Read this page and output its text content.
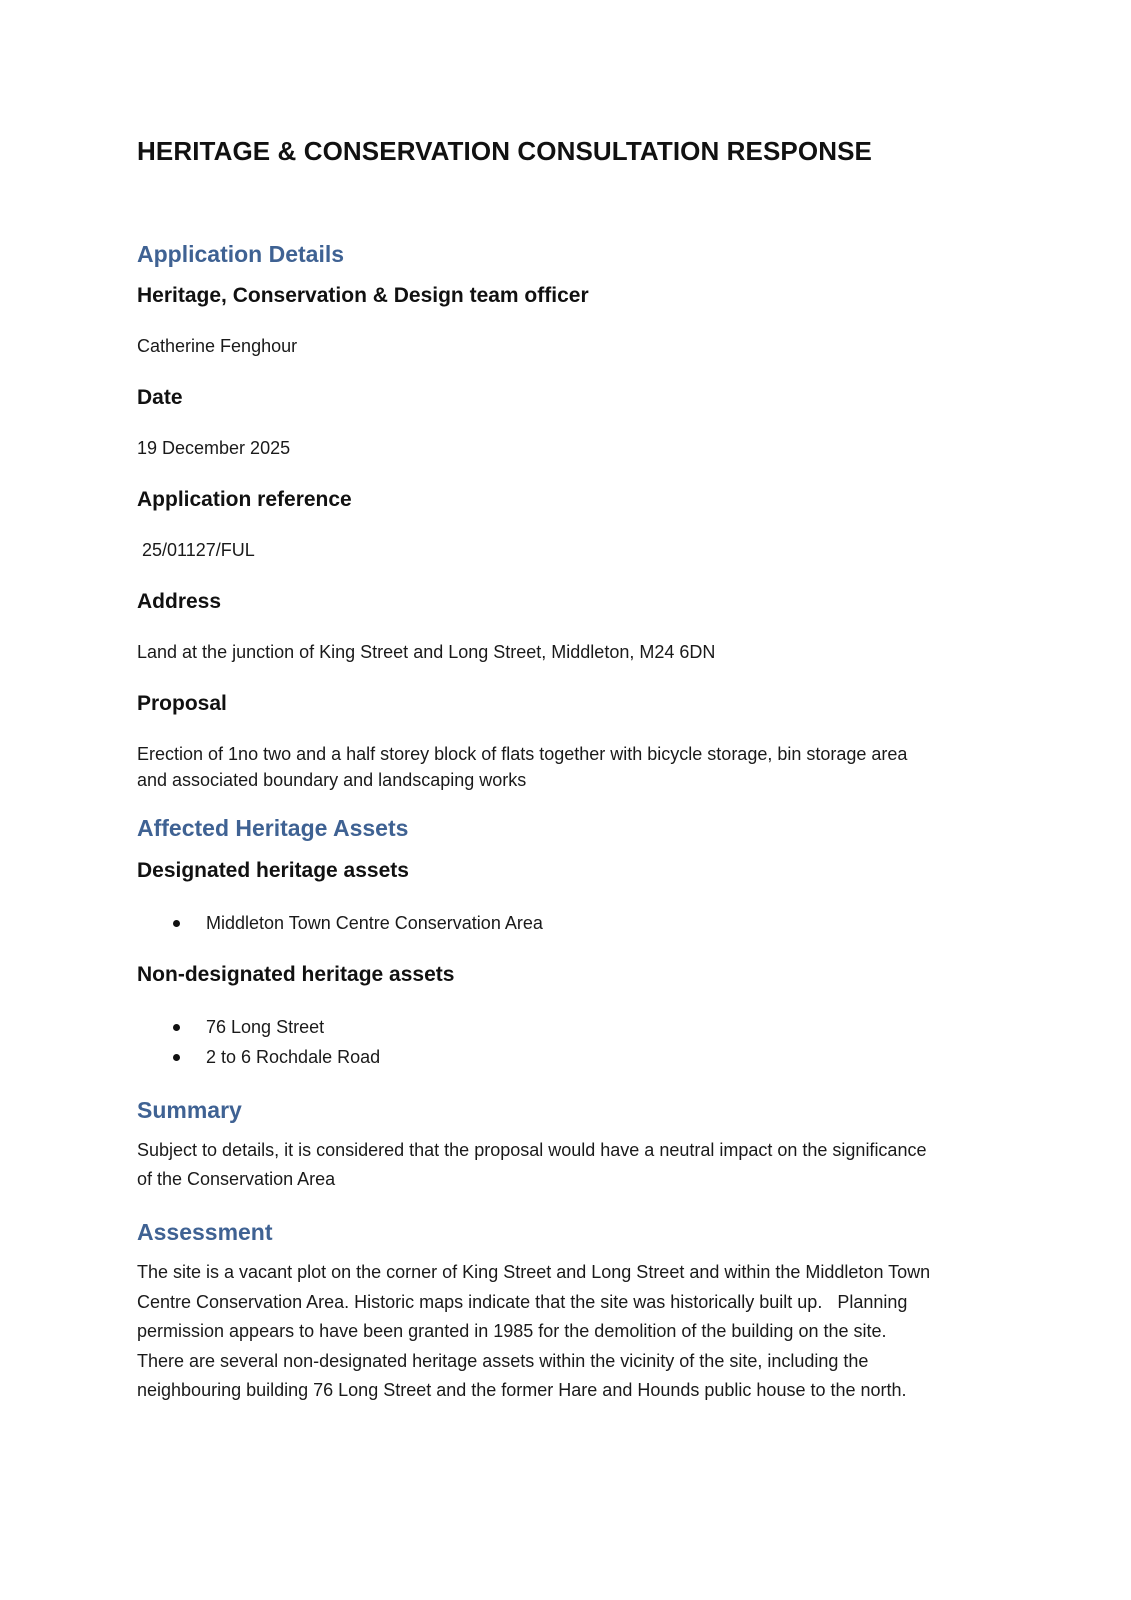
HERITAGE & CONSERVATION CONSULTATION RESPONSE
Application Details
Heritage, Conservation & Design team officer

Catherine Fenghour

Date

19 December 2025

Application reference

25/01127/FUL

Address

Land at the junction of King Street and Long Street, Middleton, M24 6DN

Proposal

Erection of 1no two and a half storey block of flats together with bicycle storage, bin storage area

and associated boundary and landscaping works

Affected Heritage Assets
Designated heritage assets
Middleton Town Centre Conservation Area
Non-designated heritage assets
76 Long Street
2 to 6 Rochdale Road
Summary

Subject to details, it is considered that the proposal would have a neutral impact on the significance

of the Conservation Area

Assessment

The site is a vacant plot on the corner of King Street and Long Street and within the Middleton Town

Centre Conservation Area. Historic maps indicate that the site was historically built up.   Planning

permission appears to have been granted in 1985 for the demolition of the building on the site.

There are several non-designated heritage assets within the vicinity of the site, including the

neighbouring building 76 Long Street and the former Hare and Hounds public house to the north.
